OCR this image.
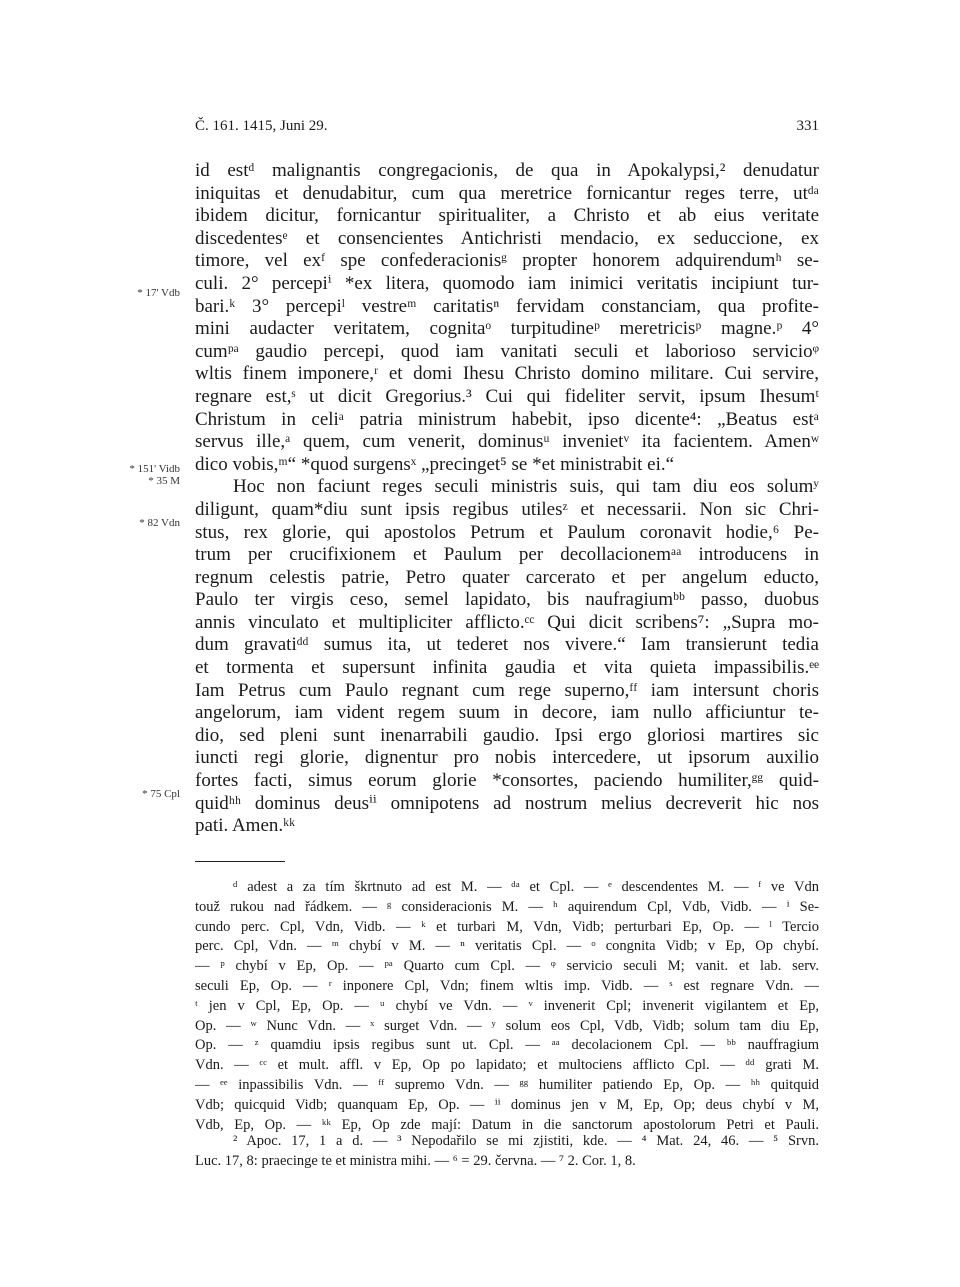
Č. 161. 1415, Juni 29.	331
* 17' Vdb
* 151' Vidb
* 35 M
* 82 Vdn
* 75 Cpl
id estᵈ malignantis congregacionis, de qua in Apokalypsi,² denudatur
iniquitas et denudabitur, cum qua meretrice fornicantur reges terre, utᵈᵃ
ibidem dicitur, fornicantur spiritualiter, a Christo et ab eius veritate
discedentesᵉ et consencientes Antichristi mendacio, ex seduccione, ex
timore, vel exᶠ spe confederacionisᵍ propter honorem adquirendumʰ se-
culi. 2° percepiⁱ *ex litera, quomodo iam inimici veritatis incipiunt tur-
bari.ᵏ 3° percepiˡ vestreᵐ caritatisⁿ fervidam constanciam, qua profite-
mini audacter veritatem, cognitaᵒ turpitudineᵖ meretricisᵖ magne.ᵖ 4°
cumᵖᵃ gaudio percepi, quod iam vanitati seculi et laborioso servicioᵠ
wltis finem imponere,ʳ et domi Ihesu Christo domino militare. Cui servire,
regnare est,ˢ ut dicit Gregorius.³ Cui qui fideliter servit, ipsum Ihesumᵗ
Christum in celiᵃ patria ministrum habebit, ipso dicente⁴: „Beatus estᵃ
servus ille,ᵃ quem, cum venerit, dominusᵘ invenietᵛ ita facientem. Amenʷ
dico vobis,ᵐ“ *quod surgensˣ „precinget⁵ se *et ministrabit ei.“
Hoc non faciunt reges seculi ministris suis, qui tam diu eos solumʸ
diligunt, quam*diu sunt ipsis regibus utilesᶻ et necessarii. Non sic Chri-
stus, rex glorie, qui apostolos Petrum et Paulum coronavit hodie,⁶ Pe-
trum per crucifixionem et Paulum per decollacionemᵃᵃ introducens in
regnum celestis patrie, Petro quater carcerato et per angelum educto,
Paulo ter virgis ceso, semel lapidato, bis naufragiumᵇᵇ passo, duobus
annis vinculato et multipliciter afflicto.ᶜᶜ Qui dicit scribens⁷: „Supra mo-
dum gravatiᵈᵈ sumus ita, ut tederet nos vivere.“ Iam transierunt tedia
et tormenta et supersunt infinita gaudia et vita quieta impassibilis.ᵉᵉ
Iam Petrus cum Paulo regnant cum rege superno,ᶠᶠ iam intersunt choris
angelorum, iam vident regem suum in decore, iam nullo afficiuntur te-
dio, sed pleni sunt inenarrabili gaudio. Ipsi ergo gloriosi martires sic
iuncti regi glorie, dignentur pro nobis intercedere, ut ipsorum auxilio
fortes facti, simus eorum glorie *consortes, paciendo humiliter,ᵍᵍ quid-
quidʰʰ dominus deusⁱⁱ omnipotens ad nostrum melius decreverit hic nos
pati. Amen.ᵏᵏ
ᵈ adest a za tím škrtnuto ad est M. — ᵈᵃ et Cpl. — ᵉ descendentes M. — ᶠ ve Vdn
touž rukou nad řádkem. — ᵍ consideracionis M. — ʰ aquirendum Cpl, Vdb, Vidb. — ⁱ Se-
cundo perc. Cpl, Vdn, Vidb. — ᵏ et turbari M, Vdn, Vidb; perturbari Ep, Op. — ˡ Tercio
perc. Cpl, Vdn. — ᵐ chybí v M. — ⁿ veritatis Cpl. — ᵒ congnita Vidb; v Ep, Op chybí.
— ᵖ chybí v Ep, Op. — ᵖᵃ Quarto cum Cpl. — ᵠ servicio seculi M; vanit. et lab. serv.
seculi Ep, Op. — ʳ inponere Cpl, Vdn; finem wltis imp. Vidb. — ˢ est regnare Vdn. —
ᵗ jen v Cpl, Ep, Op. — ᵘ chybí ve Vdn. — ᵛ invenerit Cpl; invenerit vigilantem et Ep,
Op. — ʷ Nunc Vdn. — ˣ surget Vdn. — ʸ solum eos Cpl, Vdb, Vidb; solum tam diu Ep,
Op. — ᶻ quamdiu ipsis regibus sunt ut. Cpl. — ᵃᵃ decolacionem Cpl. — ᵇᵇ nauffragium
Vdn. — ᶜᶜ et mult. affl. v Ep, Op po lapidato; et multociens afflicto Cpl. — ᵈᵈ grati M.
— ᵉᵉ inpassibilis Vdn. — ᶠᶠ supremo Vdn. — ᵍᵍ humiliter patiendo Ep, Op. — ʰʰ quitquid
Vdb; quicquid Vidb; quanquam Ep, Op. — ⁱⁱ dominus jen v M, Ep, Op; deus chybí v M,
Vdb, Ep, Op. — ᵏᵏ Ep, Op zde mají: Datum in die sanctorum apostolorum Petri et Pauli.
² Apoc. 17, 1 a d. — ³ Nepodařilo se mi zjistiti, kde. — ⁴ Mat. 24, 46. — ⁵ Srvn.
Luc. 17, 8: praecinge te et ministra mihi. — ⁶ = 29. června. — ⁷ 2. Cor. 1, 8.
